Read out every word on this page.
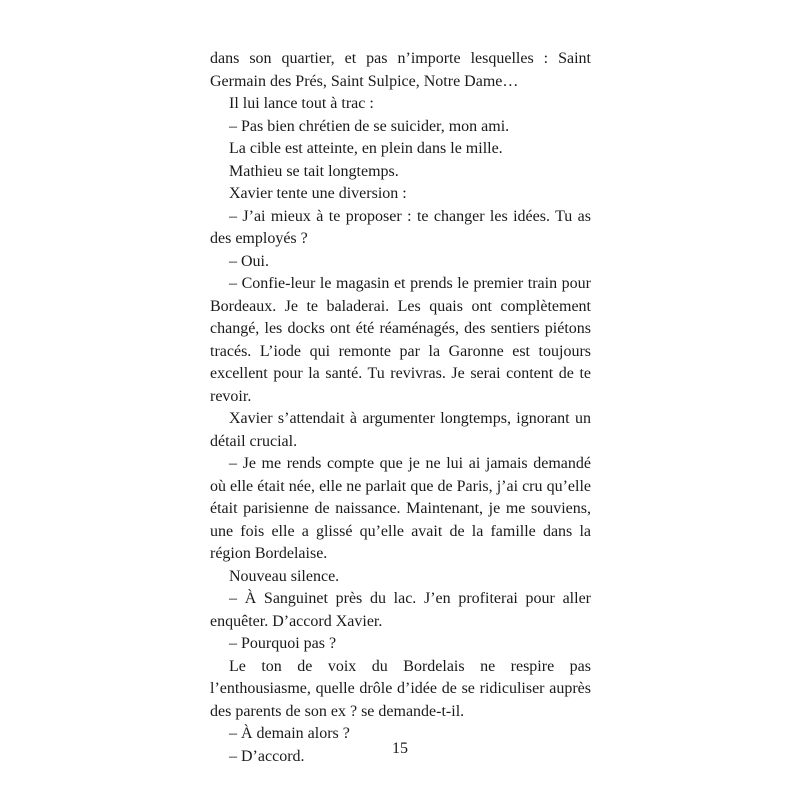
dans son quartier, et pas n’importe lesquelles : Saint Germain des Prés, Saint Sulpice, Notre Dame…

Il lui lance tout à trac :

– Pas bien chrétien de se suicider, mon ami.

La cible est atteinte, en plein dans le mille.

Mathieu se tait longtemps.

Xavier tente une diversion :

– J’ai mieux à te proposer : te changer les idées. Tu as des employés ?

– Oui.

– Confie-leur le magasin et prends le premier train pour Bordeaux. Je te baladerai. Les quais ont complètement changé, les docks ont été réaménagés, des sentiers piétons tracés. L’iode qui remonte par la Garonne est toujours excellent pour la santé. Tu revivras. Je serai content de te revoir.

Xavier s’attendait à argumenter longtemps, ignorant un détail crucial.

– Je me rends compte que je ne lui ai jamais demandé où elle était née, elle ne parlait que de Paris, j’ai cru qu’elle était parisienne de naissance. Maintenant, je me souviens, une fois elle a glissé qu’elle avait de la famille dans la région Bordelaise.

Nouveau silence.

– À Sanguinet près du lac. J’en profiterai pour aller enquêter. D’accord Xavier.

– Pourquoi pas ?

Le ton de voix du Bordelais ne respire pas l’enthousiasme, quelle drôle d’idée de se ridiculiser auprès des parents de son ex ? se demande-t-il.

– À demain alors ?

– D’accord.	15
